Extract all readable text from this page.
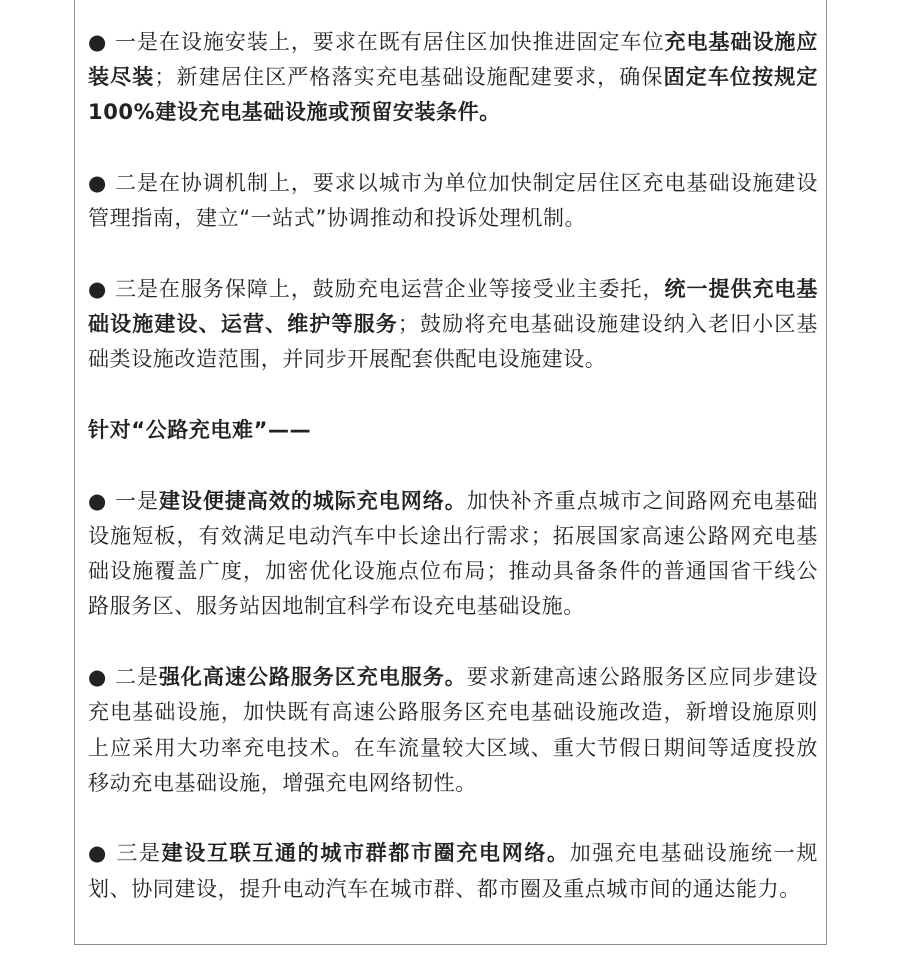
● 一是在设施安装上，要求在既有居住区加快推进固定车位充电基础设施应装尽装；新建居住区严格落实充电基础设施配建要求，确保固定车位按规定100%建设充电基础设施或预留安装条件。

● 二是在协调机制上，要求以城市为单位加快制定居住区充电基础设施建设管理指南，建立“一站式”协调推动和投诉处理机制。

● 三是在服务保障上，鼓励充电运营企业等接受业主委托，统一提供充电基础设施建设、运营、维护等服务；鼓励将充电基础设施建设纳入老旧小区基础类设施改造范围，并同步开展配套供配电设施建设。

针对“公路充电难”——

● 一是建设便捷高效的城际充电网络。加快补齐重点城市之间路网充电基础设施短板，有效满足电动汽车中长途出行需求；拓展国家高速公路网充电基础设施覆盖广度，加密优化设施点位布局；推动具备条件的普通国省干线公路服务区、服务站因地制宜科学布设充电基础设施。

● 二是强化高速公路服务区充电服务。要求新建高速公路服务区应同步建设充电基础设施，加快既有高速公路服务区充电基础设施改造，新增设施原则上应采用大功率充电技术。在车流量较大区域、重大节假日期间等适度投放移动充电基础设施，增强充电网络韧性。

● 三是建设互联互通的城市群都市圈充电网络。加强充电基础设施统一规划、协同建设，提升电动汽车在城市群、都市圈及重点城市间的通达能力。
